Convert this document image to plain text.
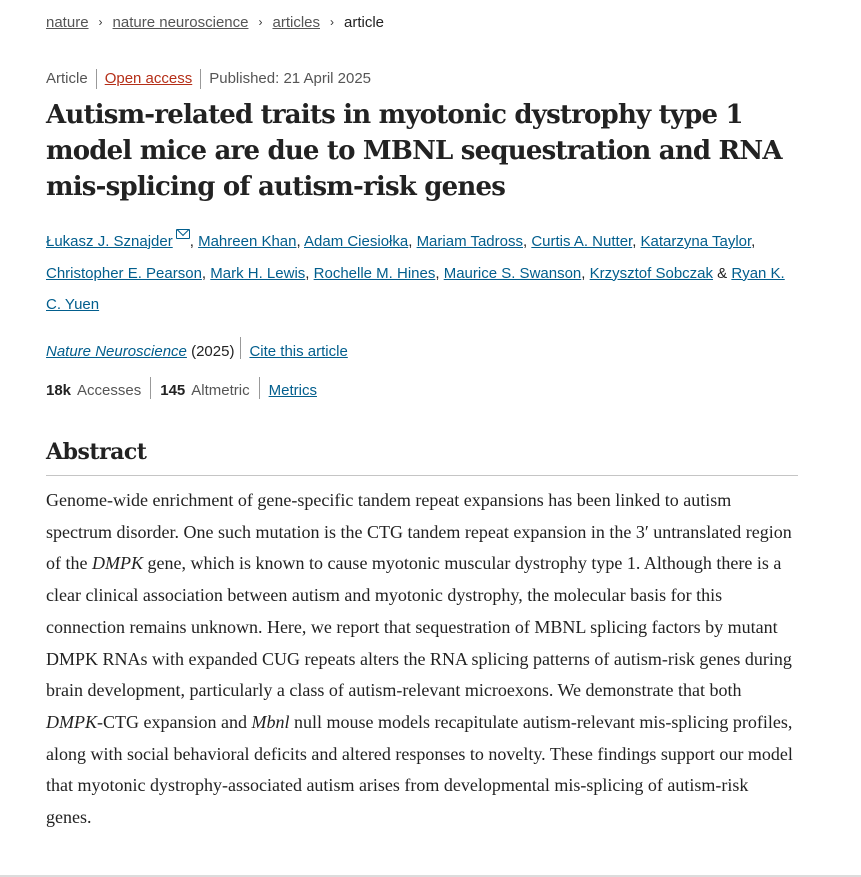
nature › nature neuroscience › articles › article
Article Open access Published: 21 April 2025
Autism-related traits in myotonic dystrophy type 1 model mice are due to MBNL sequestration and RNA mis-splicing of autism-risk genes
Łukasz J. Sznajder , Mahreen Khan, Adam Ciesiołka, Mariam Tadross, Curtis A. Nutter, Katarzyna Taylor, Christopher E. Pearson, Mark H. Lewis, Rochelle M. Hines, Maurice S. Swanson, Krzysztof Sobczak & Ryan K. C. Yuen
Nature Neuroscience (2025) Cite this article
18k Accesses 145 Altmetric Metrics
Abstract

Genome-wide enrichment of gene-specific tandem repeat expansions has been linked to autism spectrum disorder. One such mutation is the CTG tandem repeat expansion in the 3′ untranslated region of the DMPK gene, which is known to cause myotonic muscular dystrophy type 1. Although there is a clear clinical association between autism and myotonic dystrophy, the molecular basis for this connection remains unknown. Here, we report that sequestration of MBNL splicing factors by mutant DMPK RNAs with expanded CUG repeats alters the RNA splicing patterns of autism-risk genes during brain development, particularly a class of autism-relevant microexons. We demonstrate that both DMPK-CTG expansion and Mbnl null mouse models recapitulate autism-relevant mis-splicing profiles, along with social behavioral deficits and altered responses to novelty. These findings support our model that myotonic dystrophy-associated autism arises from developmental mis-splicing of autism-risk genes.
